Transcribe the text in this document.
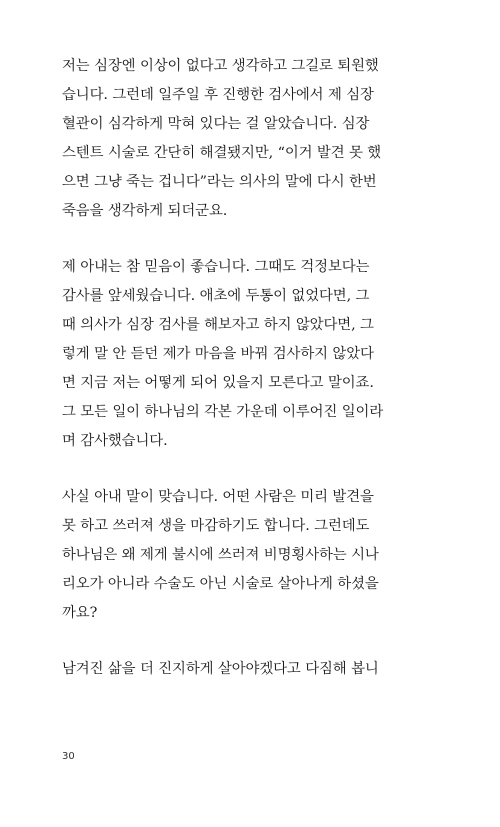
저는 심장엔 이상이 없다고 생각하고 그길로 퇴원했
습니다. 그런데 일주일 후 진행한 검사에서 제 심장
혈관이 심각하게 막혀 있다는 걸 알았습니다. 심장
스텐트 시술로 간단히 해결됐지만, “이거 발견 못 했
으면 그냥 죽는 겁니다”라는 의사의 말에 다시 한번
죽음을 생각하게 되더군요.

제 아내는 참 믿음이 좋습니다. 그때도 걱정보다는
감사를 앞세웠습니다. 애초에 두통이 없었다면, 그
때 의사가 심장 검사를 해보자고 하지 않았다면, 그
렇게 말 안 듣던 제가 마음을 바꿔 검사하지 않았다
면 지금 저는 어떻게 되어 있을지 모른다고 말이죠.
그 모든 일이 하나님의 각본 가운데 이루어진 일이라
며 감사했습니다.

사실 아내 말이 맞습니다. 어떤 사람은 미리 발견을
못 하고 쓰러져 생을 마감하기도 합니다. 그런데도
하나님은 왜 제게 불시에 쓰러져 비명횡사하는 시나
리오가 아니라 수술도 아닌 시술로 살아나게 하셨을
까요?

남겨진 삶을 더 진지하게 살아야겠다고 다짐해 봅니

30
